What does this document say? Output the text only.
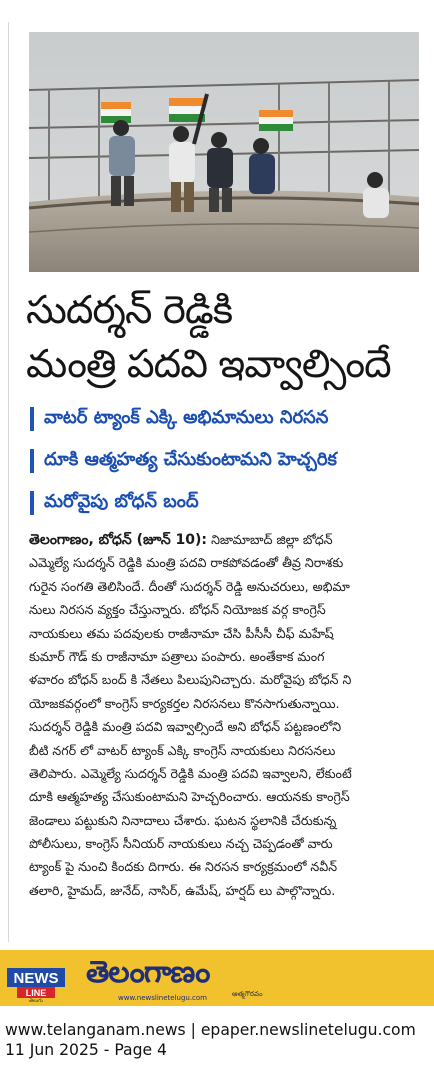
సుదర్శన్ రెడ్డికి
మంత్రి పదవి ఇవ్వాల్సిందే
వాటర్ ట్యాంక్ ఎక్కి అభిమానులు నిరసన
దూకి ఆత్మహత్య చేసుకుంటామని హెచ్చరిక
మరోవైపు బోధన్ బంద్
తెలంగాణం, బోధన్ (జూన్ 10): నిజామాబాద్ జిల్లా బోధన్
ఎమ్మెల్యే సుదర్శన్ రెడ్డికి మంత్రి పదవి రాకపోవడంతో తీవ్ర నిరాశకు
గురైన సంగతి తెలిసిందే. దీంతో సుదర్శన్ రెడ్డి అనుచరులు, అభిమా
నులు నిరసన వ్యక్తం చేస్తున్నారు. బోధన్ నియోజక వర్గ కాంగ్రెస్
నాయకులు తమ పదవులకు రాజీనామా చేసి పీసీసీ చీఫ్ మహేష్
కుమార్ గౌడ్ కు రాజీనామా పత్రాలు పంపారు. అంతేకాక మంగ
ళవారం బోధన్ బంద్ కి నేతలు పిలుపునిచ్చారు. మరోవైపు బోధన్ ని
యోజకవర్గంలో కాంగ్రెస్ కార్యకర్తల నిరసనలు కొనసాగుతున్నాయి.
సుదర్శన్ రెడ్డికి మంత్రి పదవి ఇవ్వాల్సిందే అని బోధన్ పట్టణంలోని
బీటి నగర్ లో వాటర్ ట్యాంక్ ఎక్కి కాంగ్రెస్ నాయకులు నిరసనలు
తెలిపారు. ఎమ్మెల్యే సుదర్శన్ రెడ్డికి మంత్రి పదవి ఇవ్వాలని, లేకుంటే
దూకి ఆత్మహత్య చేసుకుంటామని హెచ్చరించారు. ఆయనకు కాంగ్రెస్
జెండాలు పట్టుకుని నినాదాలు చేశారు. ఘటన స్థలానికి చేరుకున్న
పోలీసులు, కాంగ్రెస్ సీనియర్ నాయకులు నచ్చ చెప్పడంతో వారు
ట్యాంక్ పై నుంచి కిందకు దిగారు. ఈ నిరసన కార్యక్రమంలో నవీన్
తలారి, హైమద్, జునేద్, నాసిర్, ఉమేష్, హర్షద్ లు పాల్గొన్నారు.
NEWS
LINE
తెలుగు
తెలంగాణం
ఆత్మగౌరవం
www.newslinetelugu.com
www.telanganam.news | epaper.newslinetelugu.com
11 Jun 2025 - Page 4
